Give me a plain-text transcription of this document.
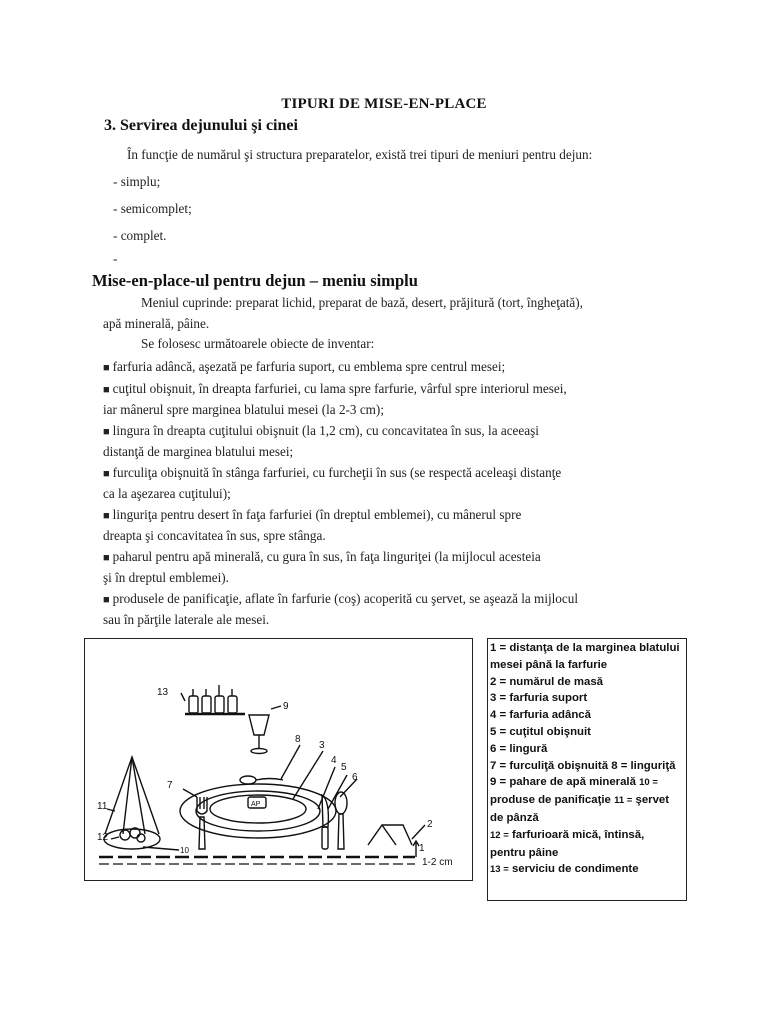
TIPURI DE MISE-EN-PLACE
3. Servirea dejunului şi cinei
În funcţie de numărul şi structura preparatelor, există trei tipuri de meniuri pentru dejun:
- simplu;
- semicomplet;
- complet.
-
Mise-en-place-ul pentru dejun – meniu simplu
Meniul cuprinde: preparat lichid, preparat de bază, desert, prăjitură (tort, îngheţată),
apă minerală, pâine.
Se folosesc următoarele obiecte de inventar:
■ farfuria adâncă, aşezată pe farfuria suport, cu emblema spre centrul mesei;
■ cuţitul obişnuit, în dreapta farfuriei, cu lama spre farfurie, vârful spre interiorul mesei,
iar mânerul spre marginea blatului mesei (la 2-3 cm);
■ lingura în dreapta cuţitului obişnuit (la 1,2 cm), cu concavitatea în sus, la aceeaşi
distanţă de marginea blatului mesei;
■ furculiţa obişnuită în stânga farfuriei, cu furcheţii în sus (se respectă aceleaşi distanţe
ca la aşezarea cuţitului);
■ linguriţa pentru desert în faţa farfuriei (în dreptul emblemei), cu mânerul spre
dreapta şi concavitatea în sus, spre stânga.
■ paharul pentru apă minerală, cu gura în sus, în faţa linguriţei (la mijlocul acesteia
şi în dreptul emblemei).
■ produsele de panificaţie, aflate în farfurie (coş) acoperită cu şervet, se aşează la mijlocul
sau în părţile laterale ale mesei.
13
9
8
3
4
5
6
7
11
12
10
2
1
1-2 cm
AP
1 = distanţa de la marginea blatului
mesei până la farfurie
2 = numărul de masă
3 = farfuria suport
4 = farfuria adâncă
5 = cuţitul obişnuit
6 = lingură
7 = furculiţă obişnuită 8 = linguriţă
9 = pahare de apă minerală 10 =
produse de panificaţie 11 = şervet
de pânză
12 = farfurioară mică, întinsă,
pentru pâine
13 = serviciu de condimente
